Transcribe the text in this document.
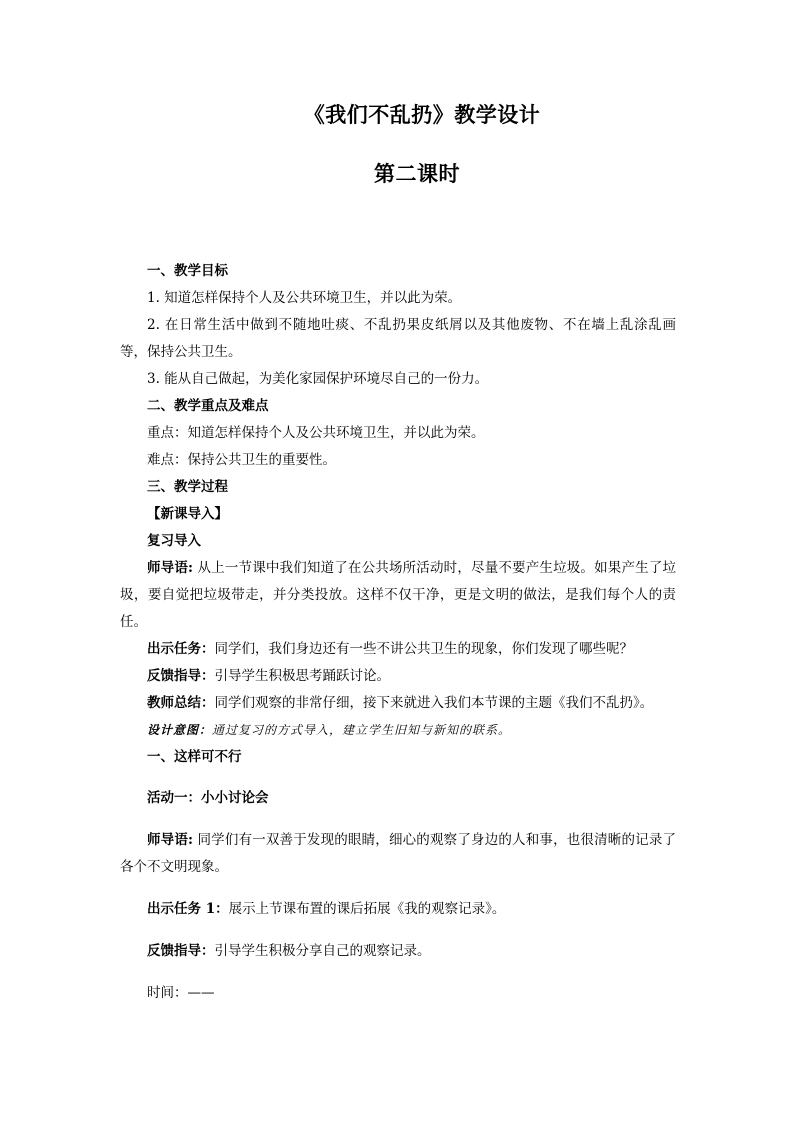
《我们不乱扔》教学设计
第二课时

一、教学目标

1. 知道怎样保持个人及公共环境卫生，并以此为荣。

2. 在日常生活中做到不随地吐痰、不乱扔果皮纸屑以及其他废物、不在墙上乱涂乱画等，保持公共卫生。

3. 能从自己做起，为美化家园保护环境尽自己的一份力。

二、教学重点及难点

重点：知道怎样保持个人及公共环境卫生，并以此为荣。

难点：保持公共卫生的重要性。

三、教学过程

【新课导入】

复习导入

师导语: 从上一节课中我们知道了在公共场所活动时，尽量不要产生垃圾。如果产生了垃圾，要自觉把垃圾带走，并分类投放。这样不仅干净，更是文明的做法，是我们每个人的责任。

出示任务：同学们，我们身边还有一些不讲公共卫生的现象，你们发现了哪些呢？

反馈指导：引导学生积极思考踊跃讨论。

教师总结：同学们观察的非常仔细，接下来就进入我们本节课的主题《我们不乱扔》。

设计意图：通过复习的方式导入，建立学生旧知与新知的联系。

一、这样可不行

活动一：小小讨论会

师导语: 同学们有一双善于发现的眼睛，细心的观察了身边的人和事，也很清晰的记录了各个不文明现象。

出示任务 1：展示上节课布置的课后拓展《我的观察记录》。

反馈指导：引导学生积极分享自己的观察记录。

时间：——
